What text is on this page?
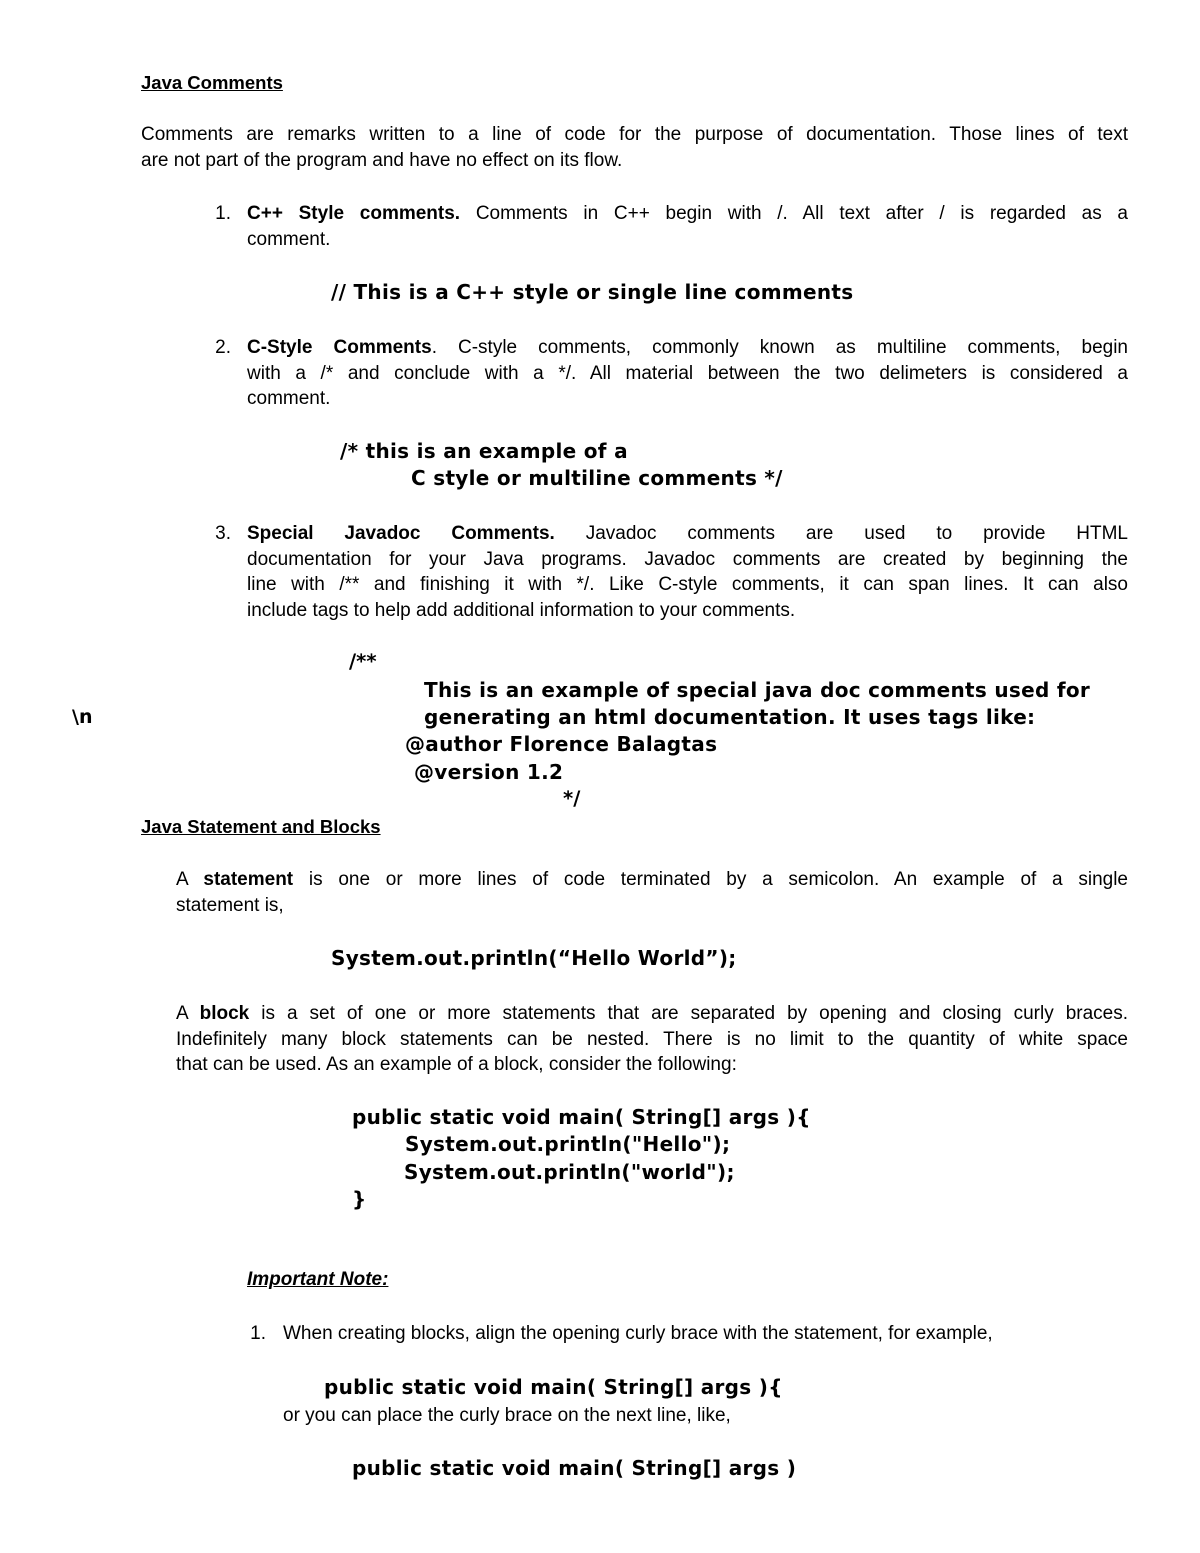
Java Comments
Comments are remarks written to a line of code for the purpose of documentation. Those lines of text
are not part of the program and have no effect on its flow.
1. C++ Style comments. Comments in C++ begin with /. All text after / is regarded as a
comment.
// This is a C++ style or single line comments
2. C-Style Comments. C-style comments, commonly known as multiline comments, begin
with a /* and conclude with a */. All material between the two delimeters is considered a
comment.
/* this is an example of a
C style or multiline comments */
3. Special Javadoc Comments. Javadoc comments are used to provide HTML
documentation for your Java programs. Javadoc comments are created by beginning the
line with /** and finishing it with */. Like C-style comments, it can span lines. It can also
include tags to help add additional information to your comments.
/**
This is an example of special java doc comments used for
\n	generating an html documentation. It uses tags like:
@author Florence Balagtas
@version 1.2
*/
Java Statement and Blocks
A statement is one or more lines of code terminated by a semicolon. An example of a single
statement is,
System.out.println(“Hello World”);
A block is a set of one or more statements that are separated by opening and closing curly braces.
Indefinitely many block statements can be nested. There is no limit to the quantity of white space
that can be used. As an example of a block, consider the following:
public static void main( String[] args ){
System.out.println("Hello");
System.out.println("world");
}
Important Note:
1. When creating blocks, align the opening curly brace with the statement, for example,
public static void main( String[] args ){
or you can place the curly brace on the next line, like,
public static void main( String[] args )
